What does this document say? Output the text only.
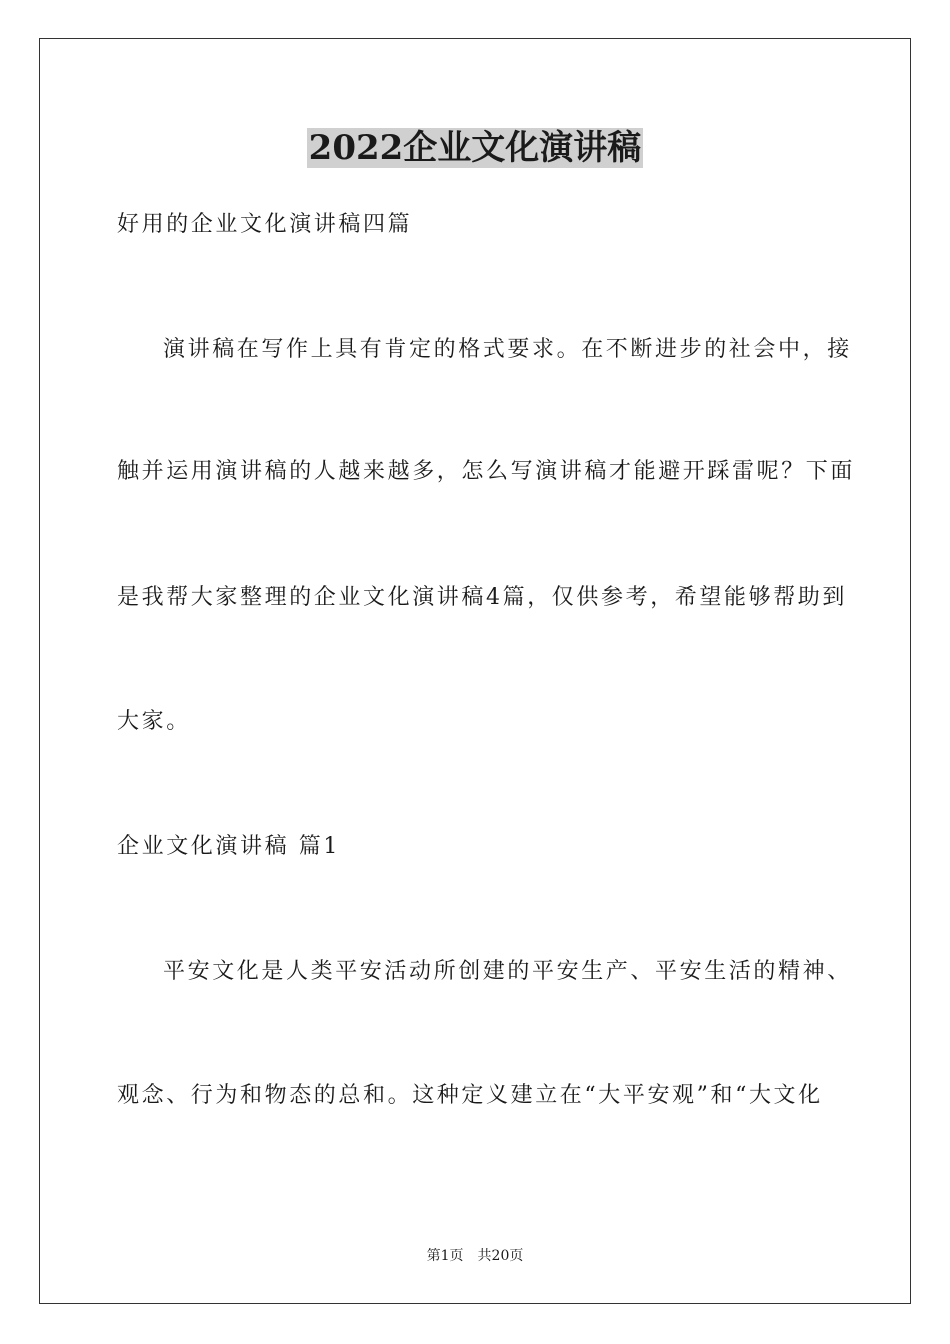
2022企业文化演讲稿
好用的企业文化演讲稿四篇
演讲稿在写作上具有肯定的格式要求。在不断进步的社会中，接
触并运用演讲稿的人越来越多，怎么写演讲稿才能避开踩雷呢？下面
是我帮大家整理的企业文化演讲稿4篇，仅供参考，希望能够帮助到
大家。
企业文化演讲稿 篇1
平安文化是人类平安活动所创建的平安生产、平安生活的精神、
观念、行为和物态的总和。这种定义建立在“大平安观”和“大文化
第1页　共20页
